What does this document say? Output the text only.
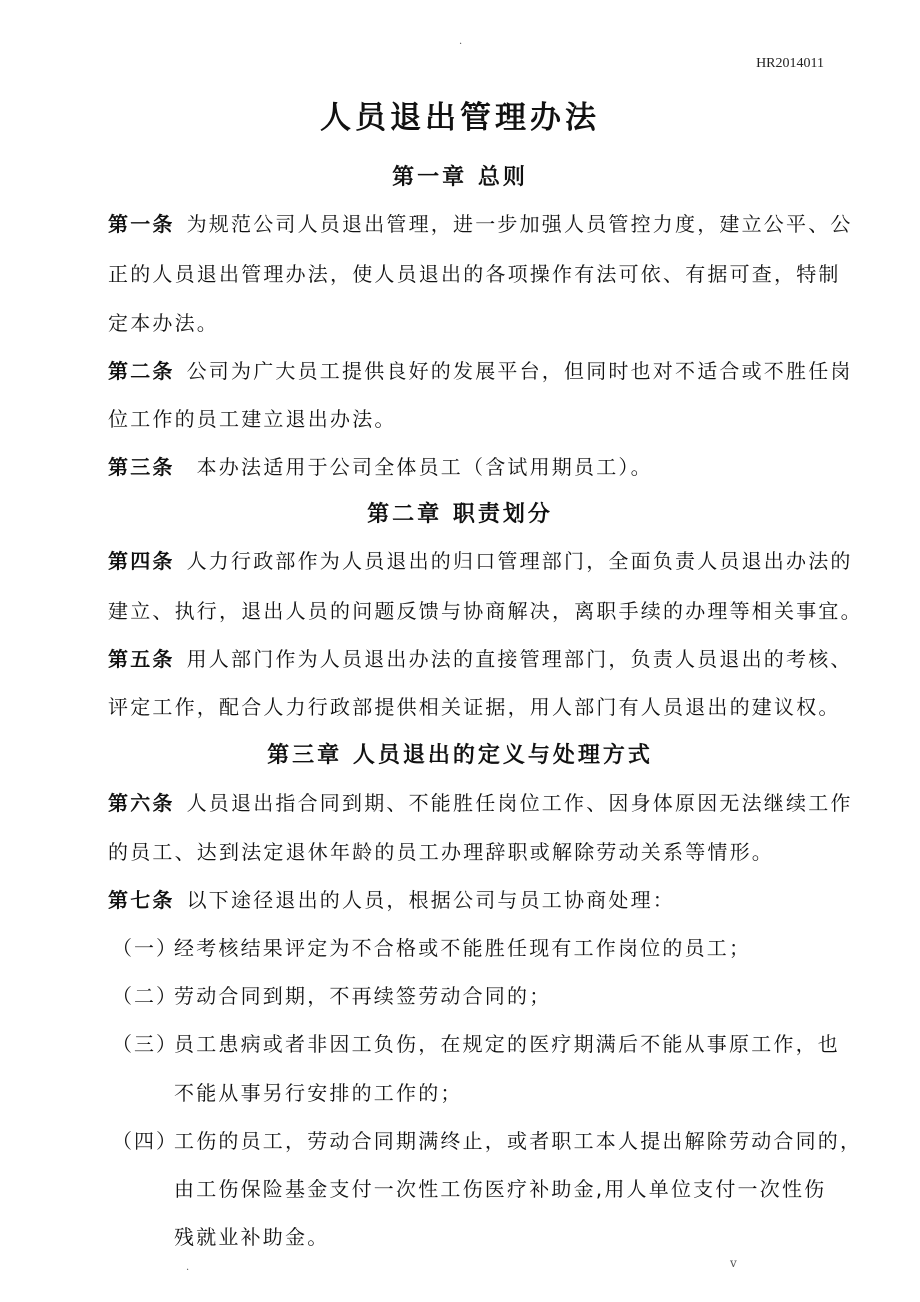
.
HR2014011
人员退出管理办法
第一章 总则
第一条 为规范公司人员退出管理，进一步加强人员管控力度，建立公平、公
正的人员退出管理办法，使人员退出的各项操作有法可依、有据可查，特制
定本办法。
第二条 公司为广大员工提供良好的发展平台，但同时也对不适合或不胜任岗
位工作的员工建立退出办法。
第三条 本办法适用于公司全体员工（含试用期员工）。
第二章 职责划分
第四条 人力行政部作为人员退出的归口管理部门，全面负责人员退出办法的
建立、执行，退出人员的问题反馈与协商解决，离职手续的办理等相关事宜。
第五条 用人部门作为人员退出办法的直接管理部门，负责人员退出的考核、
评定工作，配合人力行政部提供相关证据，用人部门有人员退出的建议权。
第三章 人员退出的定义与处理方式
第六条 人员退出指合同到期、不能胜任岗位工作、因身体原因无法继续工作
的员工、达到法定退休年龄的员工办理辞职或解除劳动关系等情形。
第七条 以下途径退出的人员，根据公司与员工协商处理：
（一）
经考核结果评定为不合格或不能胜任现有工作岗位的员工；
（二）
劳动合同到期，不再续签劳动合同的；
（三）
员工患病或者非因工负伤，在规定的医疗期满后不能从事原工作，也
不能从事另行安排的工作的；
（四）
工伤的员工，劳动合同期满终止，或者职工本人提出解除劳动合同的，
由工伤保险基金支付一次性工伤医疗补助金,用人单位支付一次性伤
残就业补助金。
.	v
